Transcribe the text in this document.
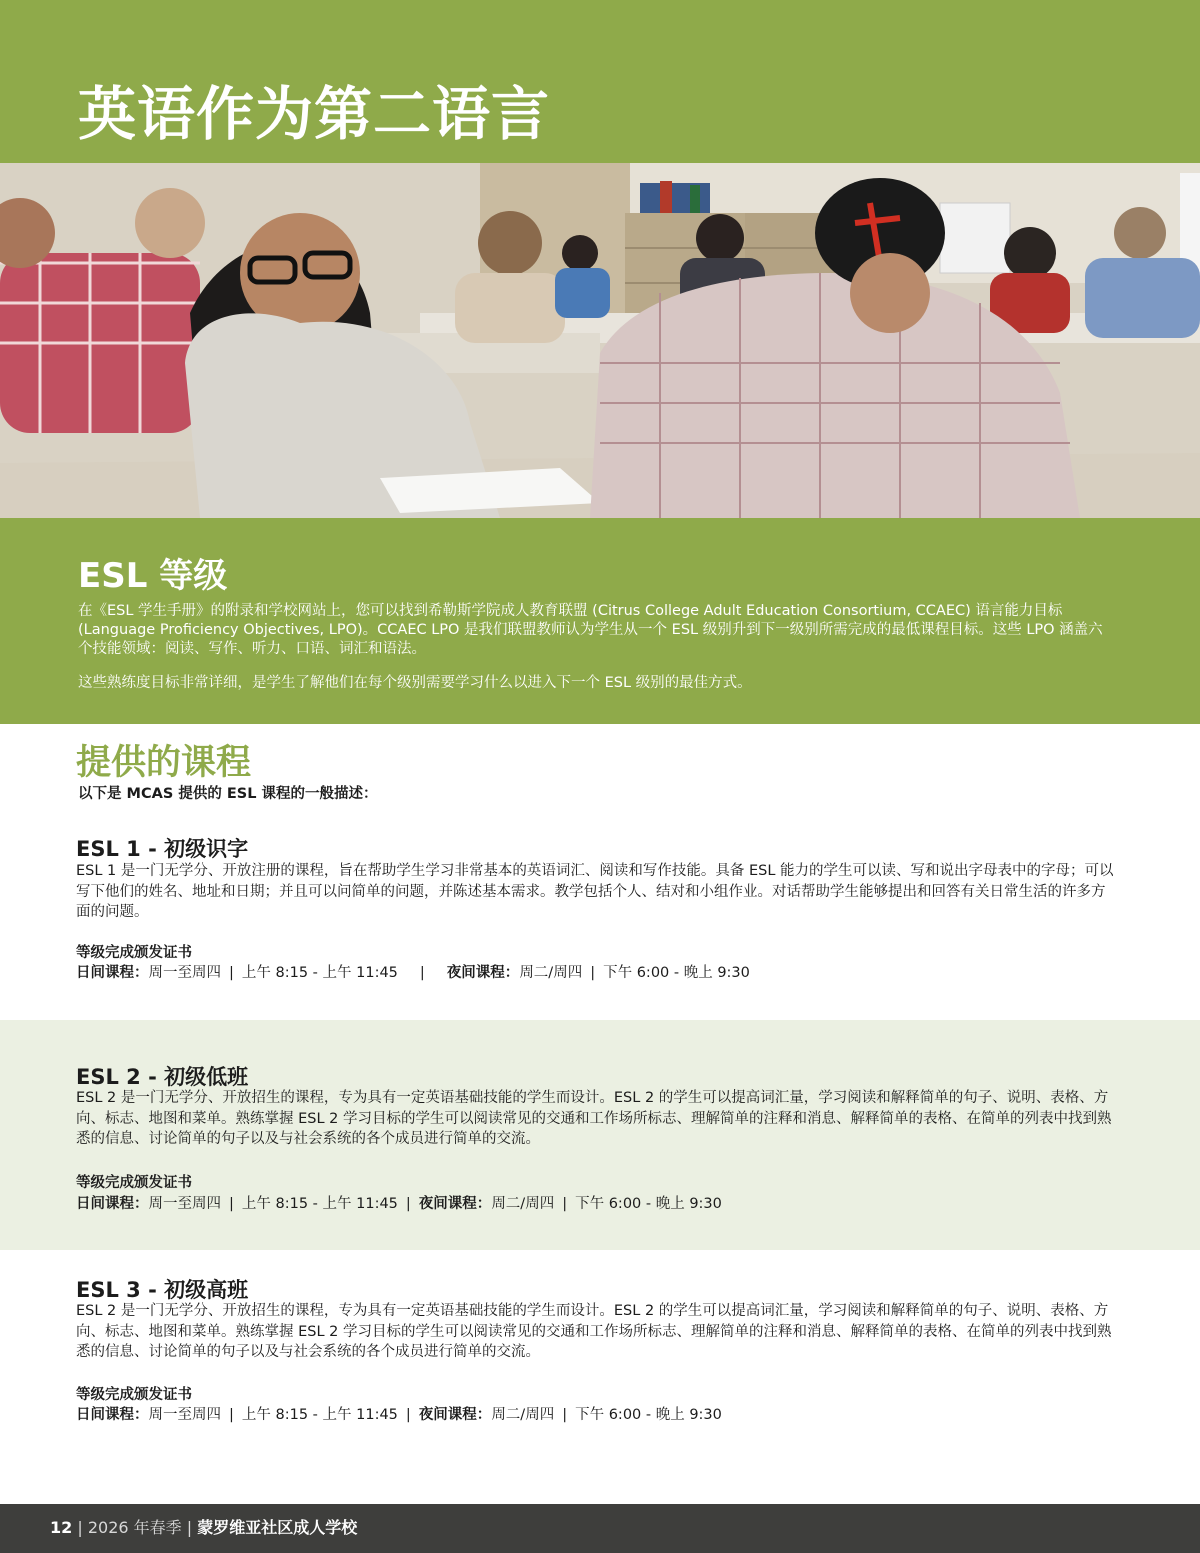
英语作为第二语言
ESL 等级

在《ESL 学生手册》的附录和学校网站上，您可以找到希勒斯学院成人教育联盟 (Citrus College Adult Education Consortium, CCAEC) 语言能力目标 (Language Proficiency Objectives, LPO)。CCAEC LPO 是我们联盟教师认为学生从一个 ESL 级别升到下一级别所需完成的最低课程目标。这些 LPO 涵盖六个技能领域：阅读、写作、听力、口语、词汇和语法。

这些熟练度目标非常详细，是学生了解他们在每个级别需要学习什么以进入下一个 ESL 级别的最佳方式。

提供的课程

以下是 MCAS 提供的 ESL 课程的一般描述：

ESL 1 - 初级识字

ESL 1 是一门无学分、开放注册的课程，旨在帮助学生学习非常基本的英语词汇、阅读和写作技能。具备 ESL 能力的学生可以读、写和说出字母表中的字母；可以写下他们的姓名、地址和日期；并且可以问简单的问题，并陈述基本需求。教学包括个人、结对和小组作业。对话帮助学生能够提出和回答有关日常生活的许多方面的问题。

等级完成颁发证书

日间课程：周一至周四 | 上午 8:15 - 上午 11:45 | 夜间课程：周二/周四 | 下午 6:00 - 晚上 9:30

ESL 2 - 初级低班

ESL 2 是一门无学分、开放招生的课程，专为具有一定英语基础技能的学生而设计。ESL 2 的学生可以提高词汇量，学习阅读和解释简单的句子、说明、表格、方向、标志、地图和菜单。熟练掌握 ESL 2 学习目标的学生可以阅读常见的交通和工作场所标志、理解简单的注释和消息、解释简单的表格、在简单的列表中找到熟悉的信息、讨论简单的句子以及与社会系统的各个成员进行简单的交流。

等级完成颁发证书

日间课程：周一至周四 | 上午 8:15 - 上午 11:45 | 夜间课程：周二/周四 | 下午 6:00 - 晚上 9:30

ESL 3 - 初级高班

ESL 2 是一门无学分、开放招生的课程，专为具有一定英语基础技能的学生而设计。ESL 2 的学生可以提高词汇量，学习阅读和解释简单的句子、说明、表格、方向、标志、地图和菜单。熟练掌握 ESL 2 学习目标的学生可以阅读常见的交通和工作场所标志、理解简单的注释和消息、解释简单的表格、在简单的列表中找到熟悉的信息、讨论简单的句子以及与社会系统的各个成员进行简单的交流。

等级完成颁发证书

日间课程：周一至周四 | 上午 8:15 - 上午 11:45 | 夜间课程：周二/周四 | 下午 6:00 - 晚上 9:30

12 | 2026 年春季 | 蒙罗维亚社区成人学校
